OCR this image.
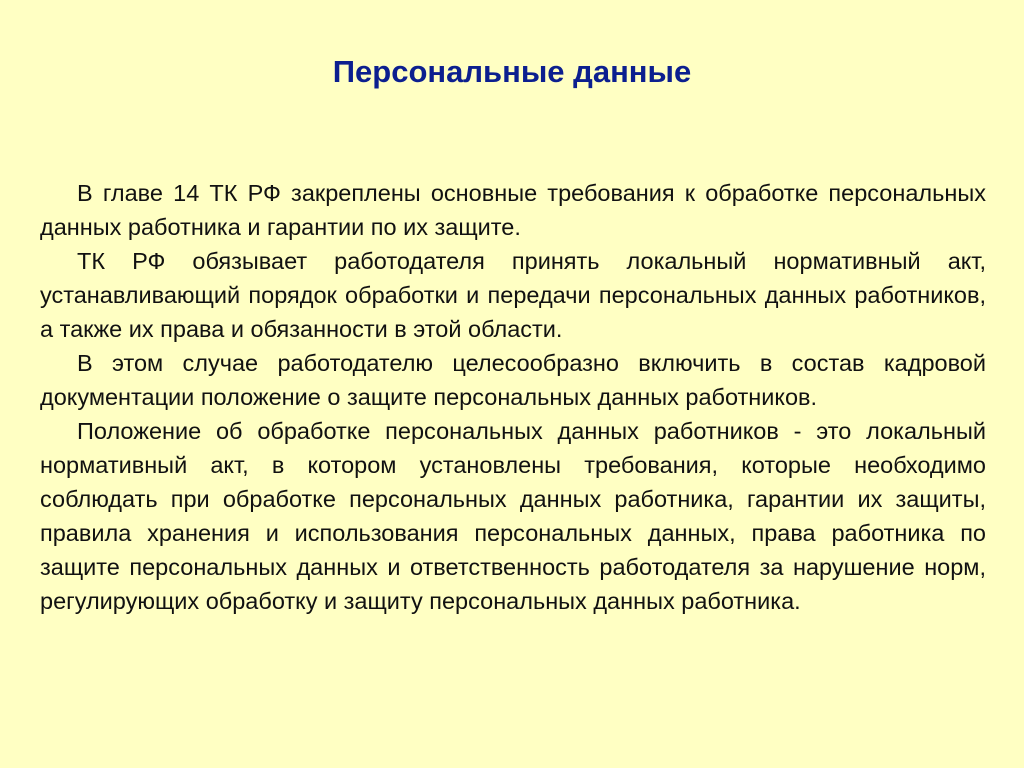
Персональные данные

В главе 14 ТК РФ закреплены основные требования к обработке персональных данных работника и гарантии по их защите.

ТК РФ обязывает работодателя принять локальный нормативный акт, устанавливающий порядок обработки и передачи персональных данных работников, а также их права и обязанности в этой области.

В этом случае работодателю целесообразно включить в состав кадровой документации положение о защите персональных данных работников.

Положение об обработке персональных данных работников - это локальный нормативный акт, в котором установлены требования, которые необходимо соблюдать при обработке персональных данных работника, гарантии их защиты, правила хранения и использования персональных данных, права работника по защите персональных данных и ответственность работодателя за нарушение норм, регулирующих обработку и защиту персональных данных работника.
